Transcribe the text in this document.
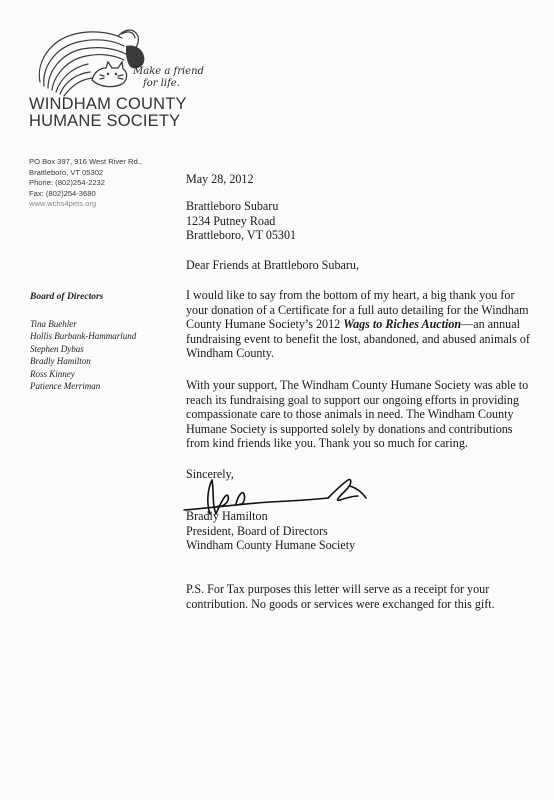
Make a friend
for life.
WINDHAM COUNTY
HUMANE SOCIETY
PO Box 397, 916 West River Rd.,
Brattleboro, VT 05302
Phone: (802)254-2232
Fax: (802)254-3680
www.wchs4pets.org
Board of Directors
Tina Buehler
Hollis Burbank-Hammarlund
Stephen Dybas
Bradly Hamilton
Ross Kinney
Patience Merriman
May 28, 2012
Brattleboro Subaru
1234 Putney Road
Brattleboro, VT 05301
Dear Friends at Brattleboro Subaru,
I would like to say from the bottom of my heart, a big thank you for
your donation of a Certificate for a full auto detailing for the Windham
County Humane Society’s 2012 Wags to Riches Auction—an annual
fundraising event to benefit the lost, abandoned, and abused animals of
Windham County.
With your support, The Windham County Humane Society was able to
reach its fundraising goal to support our ongoing efforts in providing
compassionate care to those animals in need. The Windham County
Humane Society is supported solely by donations and contributions
from kind friends like you. Thank you so much for caring.
Sincerely,
Bradly Hamilton
President, Board of Directors
Windham County Humane Society
P.S. For Tax purposes this letter will serve as a receipt for your
contribution. No goods or services were exchanged for this gift.
